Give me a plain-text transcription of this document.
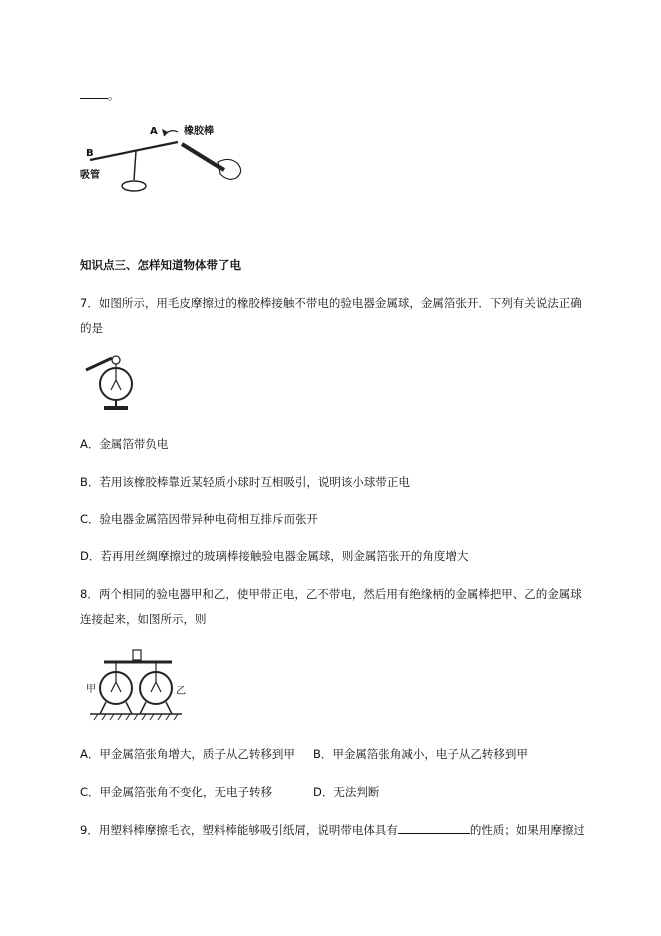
。
A
B
橡胶棒
吸管
知识点三、怎样知道物体带了电
7．如图所示，用毛皮摩擦过的橡胶棒接触不带电的验电器金属球，金属箔张开．下列有关说法正确
的是
A．金属箔带负电
B．若用该橡胶棒靠近某轻质小球时互相吸引，说明该小球带正电
C．验电器金属箔因带异种电荷相互排斥而张开
D．若再用丝绸摩擦过的玻璃棒接触验电器金属球，则金属箔张开的角度增大
8．两个相同的验电器甲和乙，使甲带正电，乙不带电，然后用有绝缘柄的金属棒把甲、乙的金属球
连接起来，如图所示，则
甲	乙
A．甲金属箔张角增大，质子从乙转移到甲 B．甲金属箔张角减小，电子从乙转移到甲
C．甲金属箔张角不变化，无电子转移	D．无法判断
9．用塑料棒摩擦毛衣，塑料棒能够吸引纸屑，说明带电体具有	的性质；如果用摩擦过
